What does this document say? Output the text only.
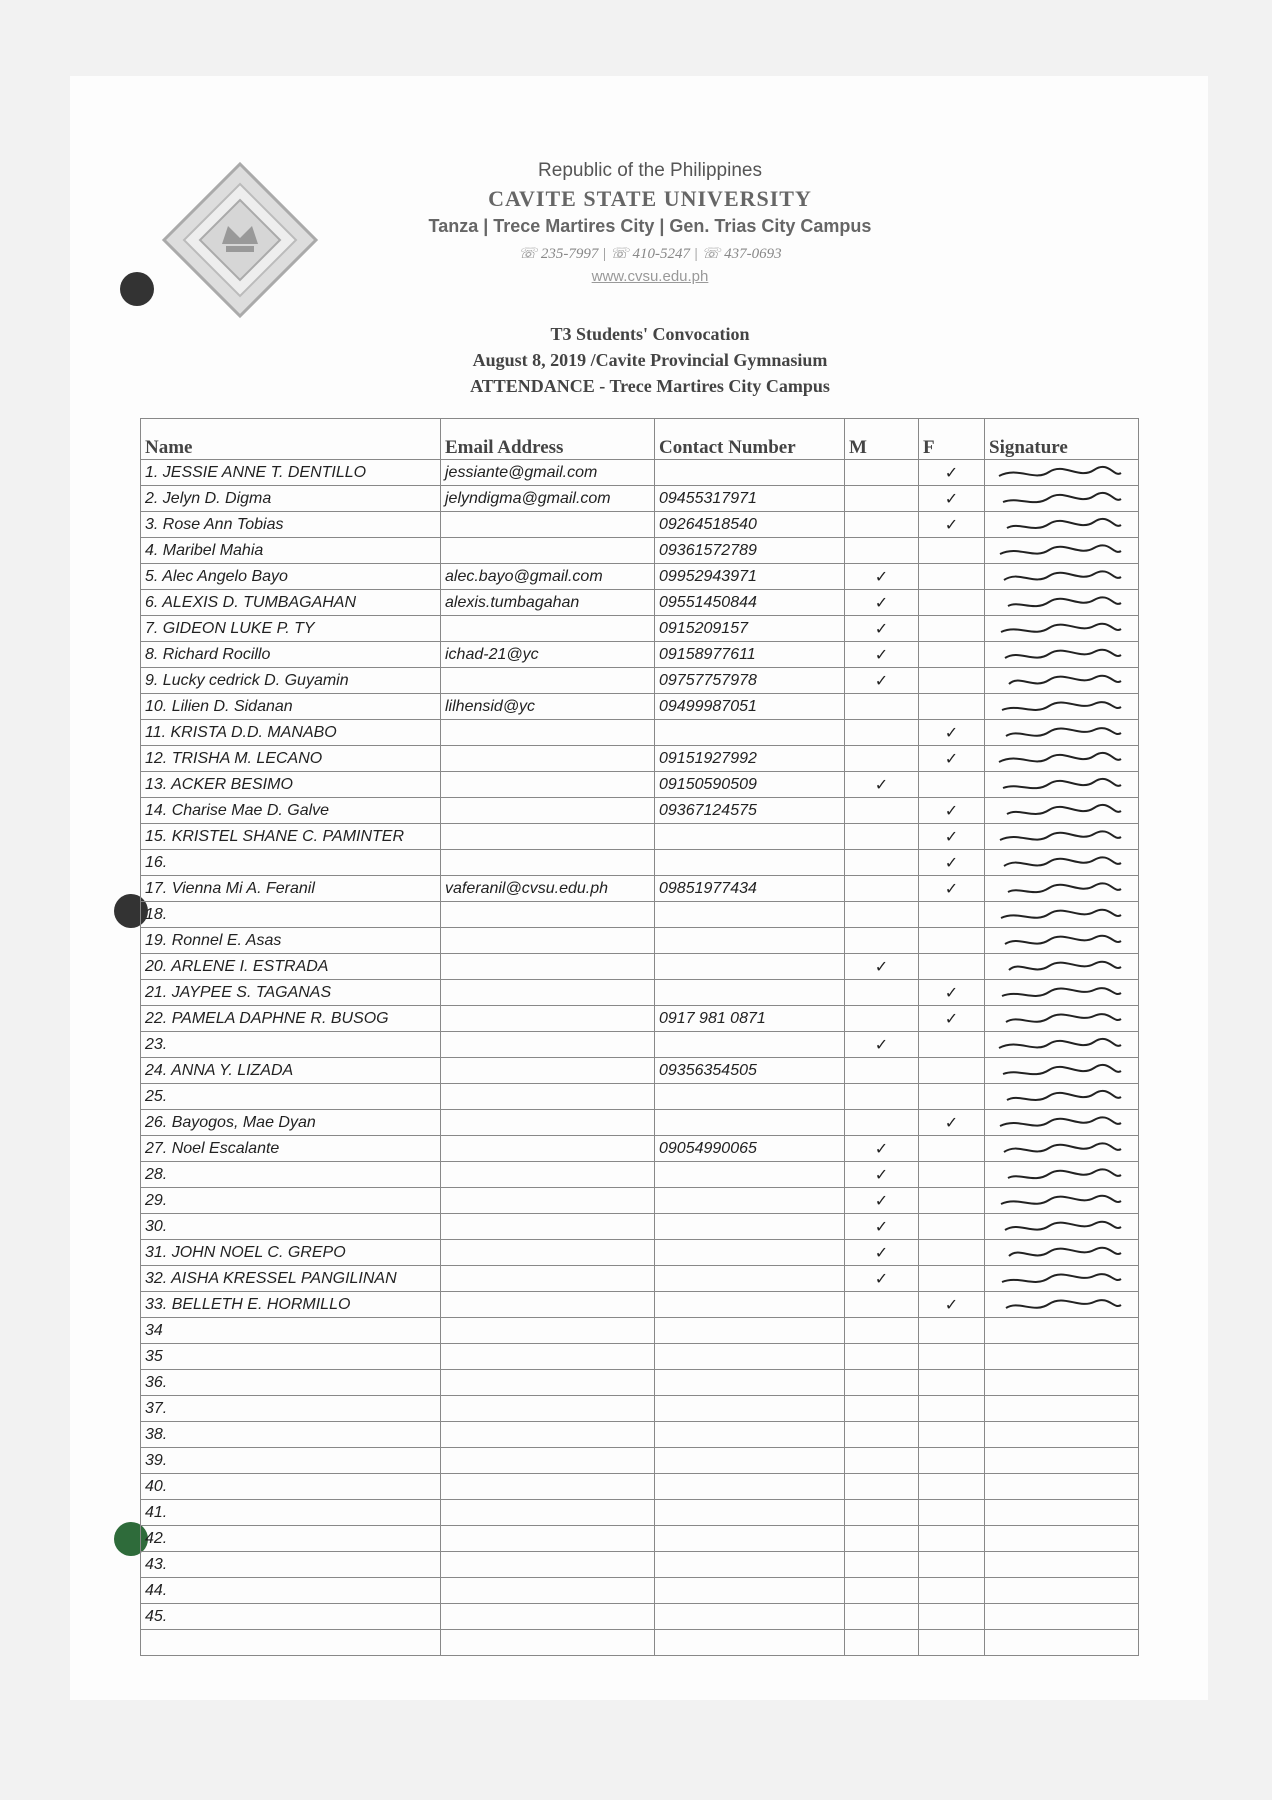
Republic of the Philippines
CAVITE STATE UNIVERSITY
Tanza | Trece Martires City | Gen. Trias City Campus
☏ 235-7997 | ☏ 410-5247 | ☏ 437-0693
www.cvsu.edu.ph
T3 Students' Convocation
August 8, 2019 /Cavite Provincial Gymnasium
ATTENDANCE - Trece Martires City Campus
Name	Email Address	Contact Number	M	F	Signature
1. JESSIE ANNE T. DENTILLO	jessiante@gmail.com			✓	

2. Jelyn D. Digma	jelyndigma@gmail.com	09455317971		✓	

3. Rose Ann Tobias		09264518540		✓	

4. Maribel Mahia		09361572789			

5. Alec Angelo Bayo	alec.bayo@gmail.com	09952943971	✓		

6. ALEXIS D. TUMBAGAHAN	alexis.tumbagahan	09551450844	✓		

7. GIDEON LUKE P. TY		0915209157	✓		

8. Richard Rocillo	ichad-21@yc	09158977611	✓		

9. Lucky cedrick D. Guyamin		09757757978	✓		

10. Lilien D. Sidanan	lilhensid@yc	09499987051			

11. KRISTA D.D. MANABO				✓	

12. TRISHA M. LECANO		09151927992		✓	

13. ACKER BESIMO		09150590509	✓		

14. Charise Mae D. Galve		09367124575		✓	

15. KRISTEL SHANE C. PAMINTER				✓	

16.				✓	

17. Vienna Mi A. Feranil	vaferanil@cvsu.edu.ph	09851977434		✓	

18.					

19. Ronnel E. Asas					

20. ARLENE I. ESTRADA			✓		

21. JAYPEE S. TAGANAS				✓	

22. PAMELA DAPHNE R. BUSOG		0917 981 0871		✓	

23.			✓		

24. ANNA Y. LIZADA		09356354505			

25.					

26. Bayogos, Mae Dyan				✓	

27. Noel Escalante		09054990065	✓		

28.			✓		

29.			✓		

30.			✓		

31. JOHN NOEL C. GREPO			✓		

32. AISHA KRESSEL PANGILINAN			✓		

33. BELLETH E. HORMILLO				✓	

34					
35					
36.					
37.					
38.					
39.					
40.					
41.					
42.					
43.					
44.					
45.					
